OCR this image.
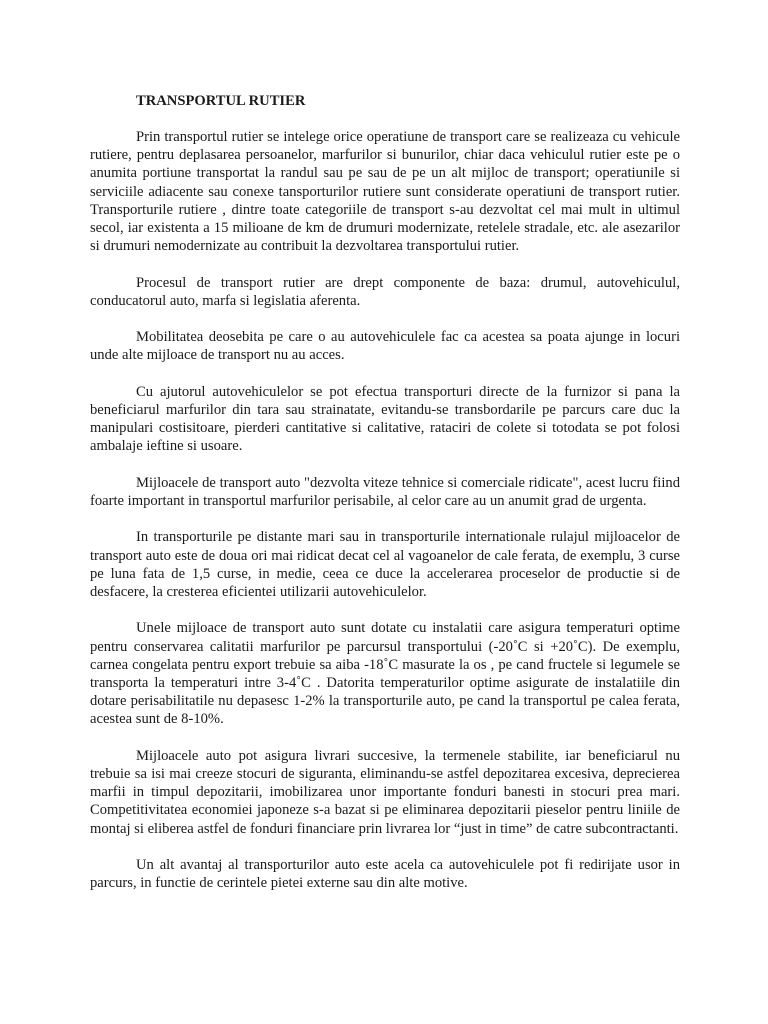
TRANSPORTUL RUTIER

Prin transportul rutier se intelege orice operatiune de transport care se realizeaza cu vehicule rutiere, pentru deplasarea persoanelor, marfurilor si bunurilor, chiar daca vehiculul rutier este pe o anumita portiune transportat la randul sau pe sau de pe un alt mijloc de transport; operatiunile si serviciile adiacente sau conexe tansporturilor rutiere sunt considerate operatiuni de transport rutier. Transporturile rutiere , dintre toate categoriile de transport s-au dezvoltat cel mai mult in ultimul secol, iar existenta a 15 milioane de km de drumuri modernizate, retelele stradale, etc. ale asezarilor si drumuri nemodernizate au contribuit la dezvoltarea transportului rutier.

Procesul de transport rutier are drept componente de baza: drumul, autovehiculul, conducatorul auto, marfa si legislatia aferenta.

Mobilitatea deosebita pe care o au autovehiculele fac ca acestea sa poata ajunge in locuri unde alte mijloace de transport nu au acces.

Cu ajutorul autovehiculelor se pot efectua transporturi directe de la furnizor si pana la beneficiarul marfurilor din tara sau strainatate, evitandu-se transbordarile pe parcurs care duc la manipulari costisitoare, pierderi cantitative si calitative, rataciri de colete si totodata se pot folosi ambalaje ieftine si usoare.

Mijloacele de transport auto "dezvolta viteze tehnice si comerciale ridicate", acest lucru fiind foarte important in transportul marfurilor perisabile, al celor care au un anumit grad de urgenta.

In transporturile pe distante mari sau in transporturile internationale rulajul mijloacelor de transport auto este de doua ori mai ridicat decat cel al vagoanelor de cale ferata, de exemplu, 3 curse pe luna fata de 1,5 curse, in medie, ceea ce duce la accelerarea proceselor de productie si de desfacere, la cresterea eficientei utilizarii autovehiculelor.

Unele mijloace de transport auto sunt dotate cu instalatii care asigura temperaturi optime pentru conservarea calitatii marfurilor pe parcursul transportului (-20˚C si +20˚C). De exemplu, carnea congelata pentru export trebuie sa aiba -18˚C masurate la os , pe cand fructele si legumele se transporta la temperaturi intre 3-4˚C . Datorita temperaturilor optime asigurate de instalatiile din dotare perisabilitatile nu depasesc 1-2% la transporturile auto, pe cand la transportul pe calea ferata, acestea sunt de 8-10%.

Mijloacele auto pot asigura livrari succesive, la termenele stabilite, iar beneficiarul nu trebuie sa isi mai creeze stocuri de siguranta, eliminandu-se astfel depozitarea excesiva, deprecierea marfii in timpul depozitarii, imobilizarea unor importante fonduri banesti in stocuri prea mari. Competitivitatea economiei japoneze s-a bazat si pe eliminarea depozitarii pieselor pentru liniile de montaj si eliberea astfel de fonduri financiare prin livrarea lor “just in time” de catre subcontractanti.

Un alt avantaj al transporturilor auto este acela ca autovehiculele pot fi redirijate usor in parcurs, in functie de cerintele pietei externe sau din alte motive.
